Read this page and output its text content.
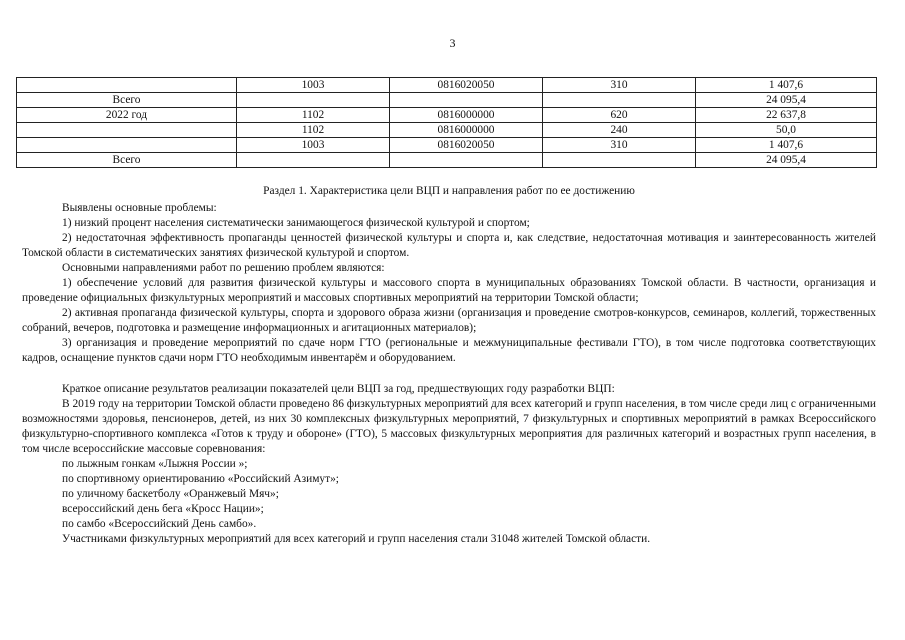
3
	1003	0816020050	310	1 407,6
Всего				24 095,4
2022 год	1102	0816000000	620	22 637,8
	1102	0816000000	240	50,0
	1003	0816020050	310	1 407,6
Всего				24 095,4
Раздел 1. Характеристика цели ВЦП и направления работ по ее достижению

Выявлены основные проблемы:

1) низкий процент населения систематически занимающегося физической культурой и спортом;

2) недостаточная эффективность пропаганды ценностей физической культуры и спорта и, как следствие, недостаточная мотивация и заинтересованность жителей Томской области в систематических занятиях физической культурой и спортом.

Основными направлениями работ по решению проблем являются:

1) обеспечение условий для развития физической культуры и массового спорта в муниципальных образованиях Томской области. В частности, организация и проведение официальных физкультурных мероприятий и массовых спортивных мероприятий на территории Томской области;

2) активная пропаганда физической культуры, спорта и здорового образа жизни (организация и проведение смотров-конкурсов, семинаров, коллегий, торжественных собраний, вечеров, подготовка и размещение информационных и агитационных материалов);

3) организация и проведение мероприятий по сдаче норм ГТО (региональные и межмуниципальные фестивали ГТО), в том числе подготовка соответствующих кадров, оснащение пунктов сдачи норм ГТО необходимым инвентарём и оборудованием.

Краткое описание результатов реализации показателей цели ВЦП за год, предшествующих году разработки ВЦП:

В 2019 году на территории Томской области проведено 86 физкультурных мероприятий для всех категорий и групп населения, в том числе среди лиц с ограниченными возможностями здоровья, пенсионеров, детей, из них 30 комплексных физкультурных мероприятий, 7 физкультурных и спортивных мероприятий в рамках Всероссийского физкультурно-спортивного комплекса «Готов к труду и обороне» (ГТО), 5 массовых физкультурных мероприятия для различных категорий и возрастных групп населения, в том числе всероссийские массовые соревнования:

по лыжным гонкам «Лыжня России »;

по спортивному ориентированию «Российский Азимут»;

по уличному баскетболу «Оранжевый Мяч»;

всероссийский день бега «Кросс Нации»;

по самбо «Всероссийский День самбо».

Участниками физкультурных мероприятий для всех категорий и групп населения стали 31048 жителей Томской области.
